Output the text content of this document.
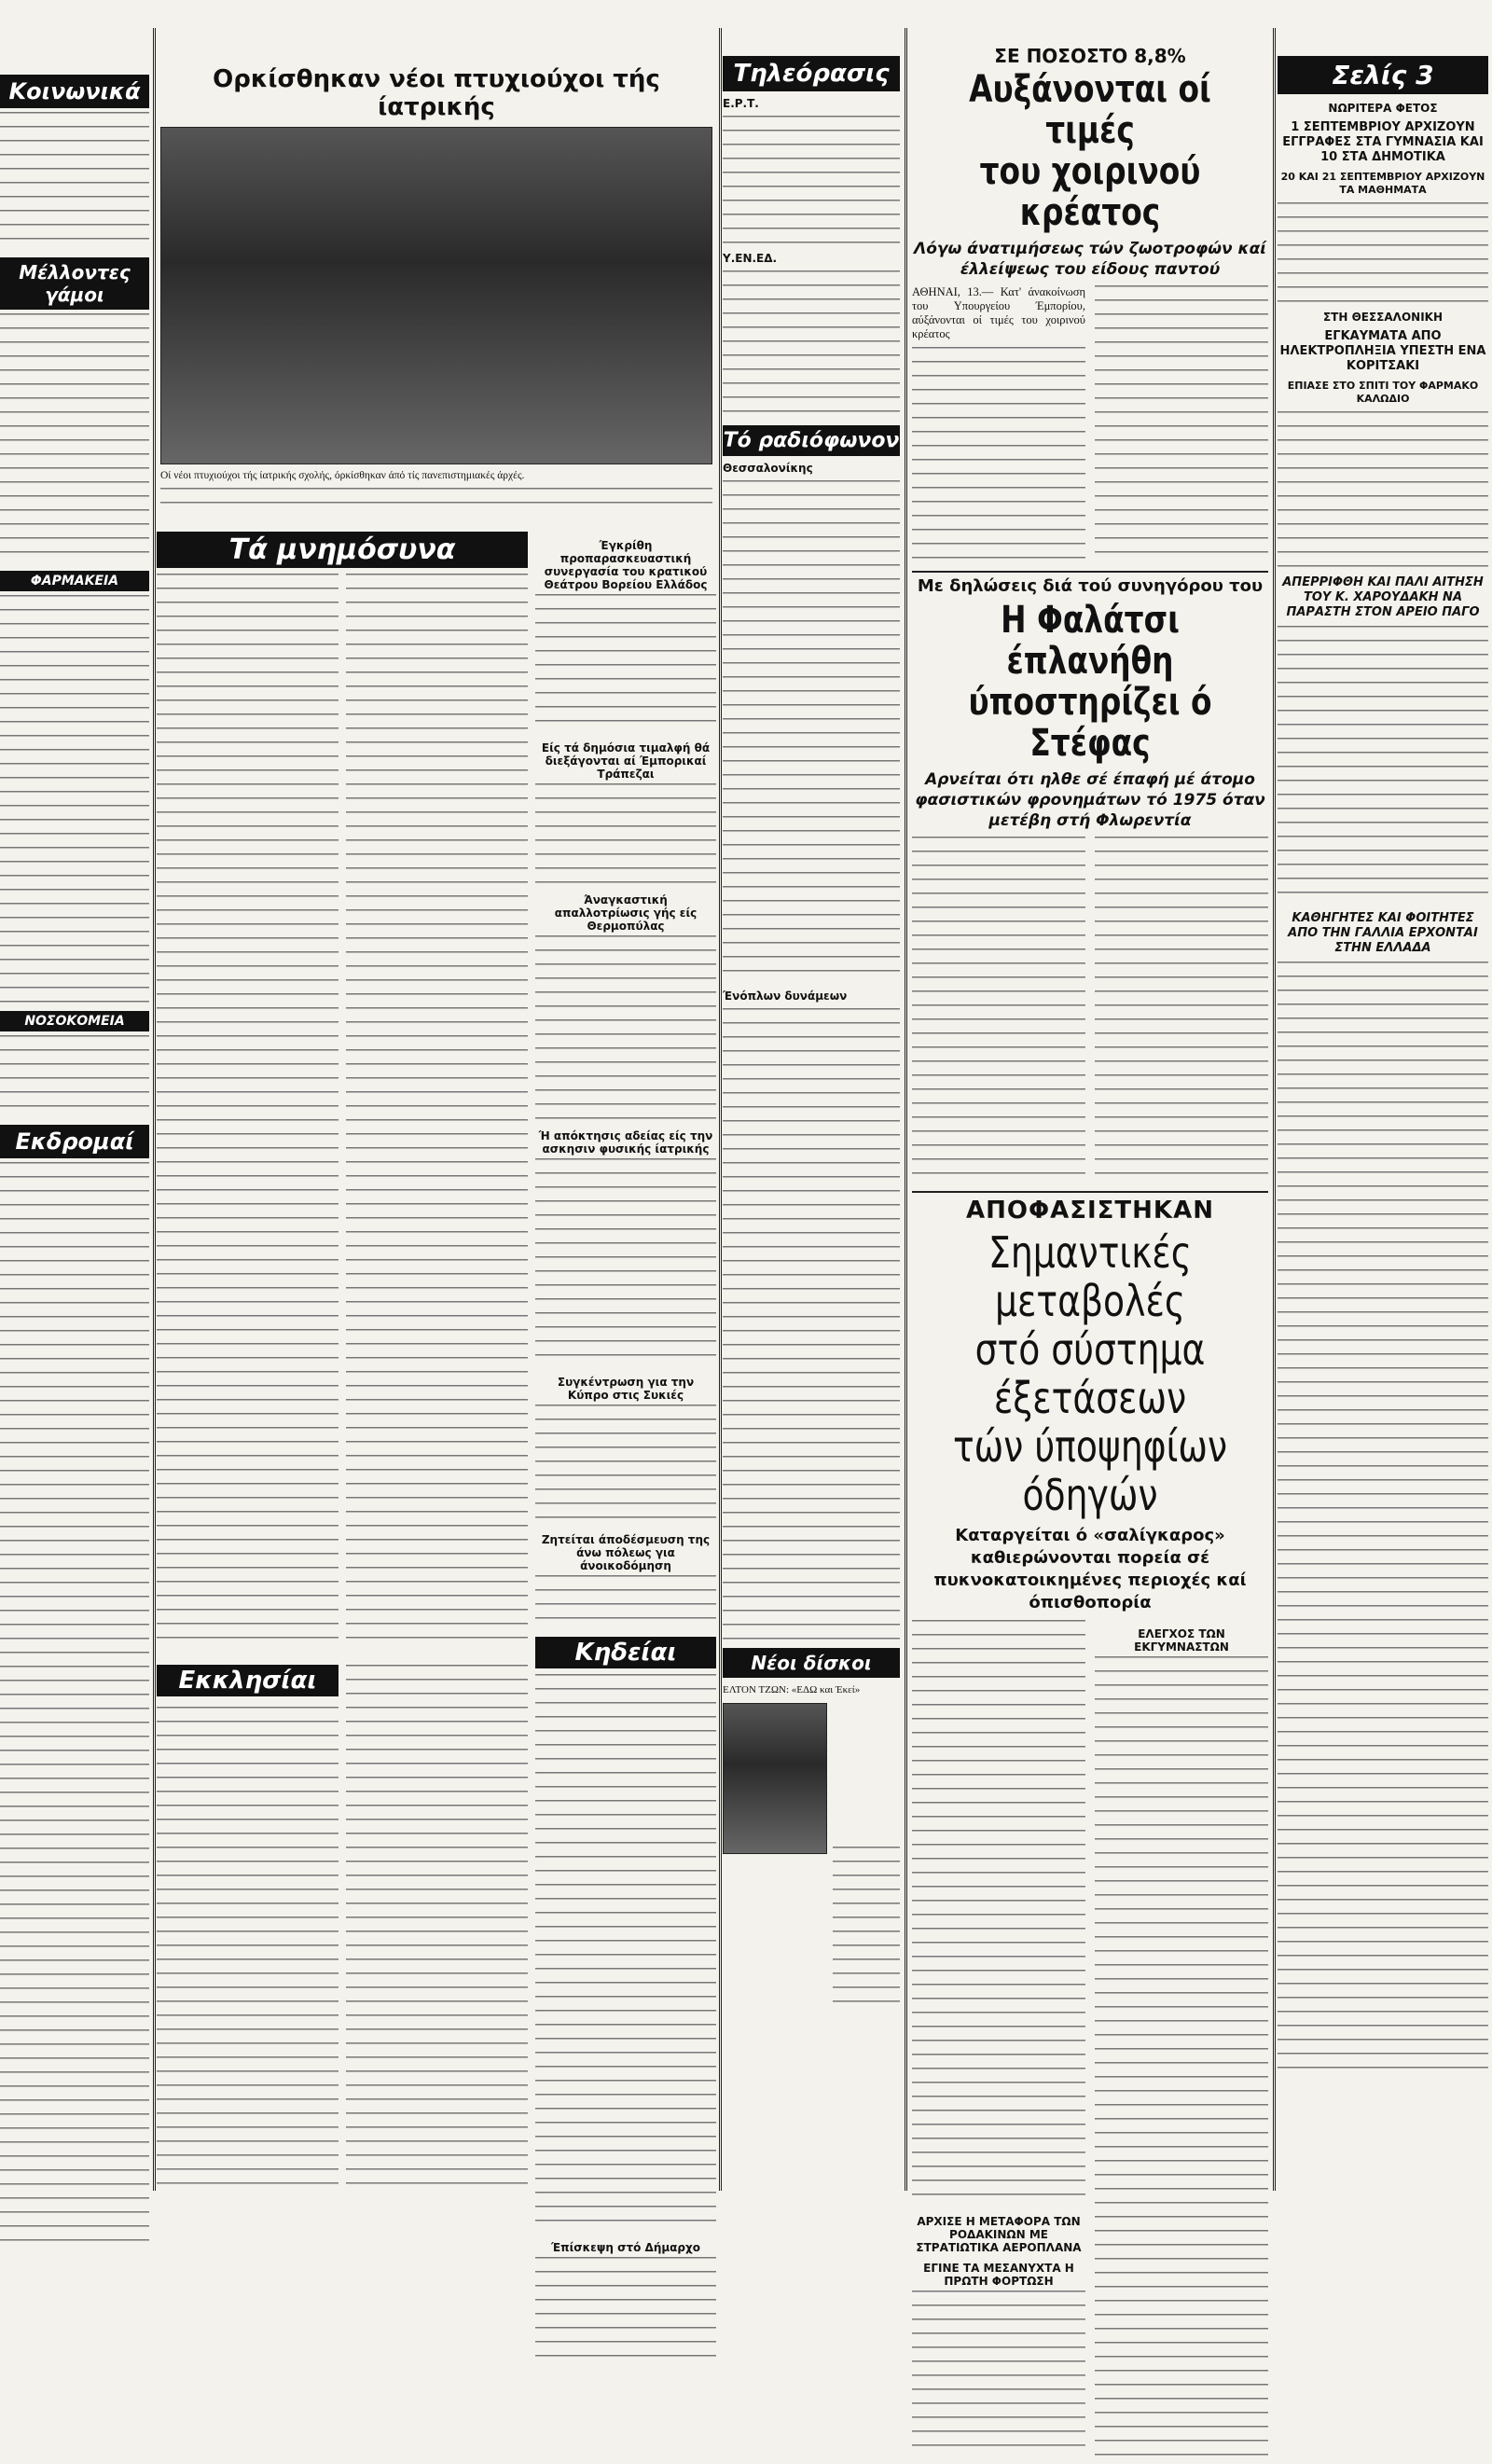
Κοινωνικά

Μέλλοντες γάμοι

ΦΑΡΜΑΚΕΙΑ

ΝΟΣΟΚΟΜΕΙΑ

Εκδρομαί

Ορκίσθηκαν νέοι πτυχιούχοι τής ίατρικής

Οί νέοι πτυχιούχοι τής ίατρικής σχολής, όρκίσθηκαν άπό τίς πανεπιστημιακές άρχές.

Τά μνημόσυνα

Εκκλησίαι

Έγκρίθη προπαρασκευαστική συνεργασία του κρατικού Θεάτρου Βορείου Ελλάδος

Είς τά δημόσια τιμαλφή θά διεξάγονται αί Έμπορικαί Τράπεζαι

Άναγκαστική απαλλοτρίωσις γής είς Θερμοπύλας

Ή απόκτησις αδείας είς την ασκησιν φυσικής ίατρικής

Συγκέντρωση για την Κύπρο στις Συκιές

Ζητείται άποδέσμευση της άνω πόλεως για άνοικοδόμηση

Κηδείαι

Έπίσκεψη στό Δήμαρχο

Τηλεόρασις
Ε.Ρ.Τ.

Υ.ΕΝ.ΕΔ.

Τό ραδιόφωνον
Θεσσαλονίκης

Ένόπλων δυνάμεων

Νέοι δίσκοι

ΕΛΤΟΝ ΤΖΩΝ: «ΕΔΩ και Έκεί»

ΣΕ ΠΟΣΟΣΤΟ 8,8%
Αυξάνονται οί τιμές
του χοιρινού κρέατος
Λόγω άνατιμήσεως τών ζωοτροφών καί έλλείψεως του είδους παντού

ΑΘΗΝΑΙ, 13.— Κατ' άνακοίνωση του Υπουργείου Έμπορίου, αύξάνονται οί τιμές του χοιρινού κρέατος

Με δηλώσεις διά τού συνηγόρου του
Η Φαλάτσι έπλανήθη
ύποστηρίζει ό Στέφας
Αρνείται ότι ηλθε σέ έπαφή μέ άτομο φασιστικών φρονημάτων τό 1975 όταν μετέβη στή Φλωρεντία

ΑΠΟΦΑΣΙΣΤΗΚΑΝ
Σημαντικές μεταβολές
στό σύστημα έξετάσεων
τών ύποψηφίων όδηγών
Καταργείται ό «σαλίγκαρος» καθιερώνονται πορεία σέ πυκνοκατοικημένες περιοχές καί όπισθοπορία

ΑΡΧΙΣΕ Η ΜΕΤΑΦΟΡΑ ΤΩΝ ΡΟΔΑΚΙΝΩΝ ΜΕ ΣΤΡΑΤΙΩΤΙΚΑ ΑΕΡΟΠΛΑΝΑ
ΕΓΙΝΕ ΤΑ ΜΕΣΑΝΥΧΤΑ Η ΠΡΩΤΗ ΦΟΡΤΩΣΗ

ΕΛΕΓΧΟΣ ΤΩΝ ΕΚΓΥΜΝΑΣΤΩΝ

Σελίς 3
ΝΩΡΙΤΕΡΑ ΦΕΤΟΣ
1 ΣΕΠΤΕΜΒΡΙΟΥ ΑΡΧΙΖΟΥΝ ΕΓΓΡΑΦΕΣ ΣΤΑ ΓΥΜΝΑΣΙΑ ΚΑΙ 10 ΣΤΑ ΔΗΜΟΤΙΚΑ
20 ΚΑΙ 21 ΣΕΠΤΕΜΒΡΙΟΥ ΑΡΧΙΖΟΥΝ ΤΑ ΜΑΘΗΜΑΤΑ

ΣΤΗ ΘΕΣΣΑΛΟΝΙΚΗ
ΕΓΚΑΥΜΑΤΑ ΑΠΟ ΗΛΕΚΤΡΟΠΛΗΞΙΑ ΥΠΕΣΤΗ ΕΝΑ ΚΟΡΙΤΣΑΚΙ
ΕΠΙΑΣΕ ΣΤΟ ΣΠΙΤΙ ΤΟΥ ΦΑΡΜΑΚΟ ΚΑΛΩΔΙΟ

ΑΠΕΡΡΙΦΘΗ ΚΑΙ ΠΑΛΙ ΑΙΤΗΣΗ ΤΟΥ Κ. ΧΑΡΟΥΔΑΚΗ ΝΑ ΠΑΡΑΣΤΗ ΣΤΟΝ ΑΡΕΙΟ ΠΑΓΟ

ΚΑΘΗΓΗΤΕΣ ΚΑΙ ΦΟΙΤΗΤΕΣ ΑΠΟ ΤΗΝ ΓΑΛΛΙΑ ΕΡΧΟΝΤΑΙ ΣΤΗΝ ΕΛΛΑΔΑ
